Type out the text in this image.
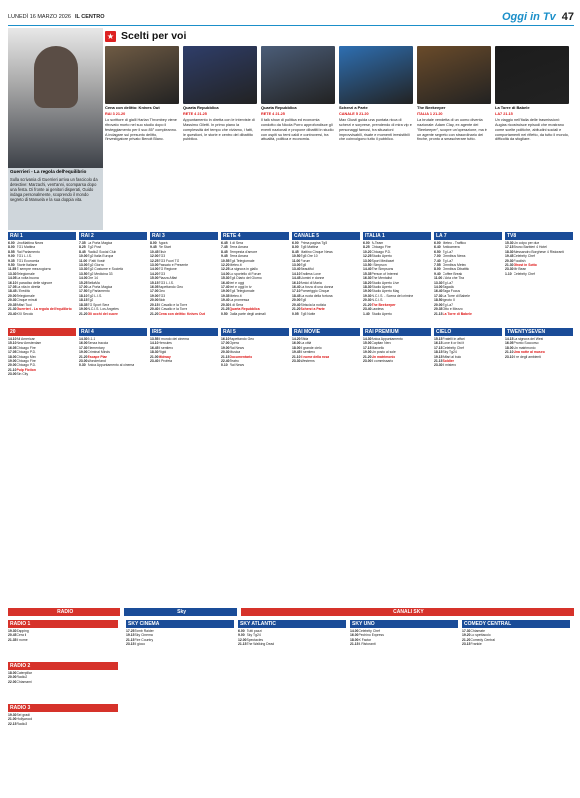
LUNEDÌ 16 MARZO 2026 IL CENTRO	Oggi in Tv 47
Guerrieri - La regola dell'equilibrio
Sulla scrivania di Guerrieri arriva un fascicolo da detective: Marzachi, vent'anni, scomparsa dopo una festa. Di fronte ai genitori disperati, Guido indaga personalmente, scoprendo il mondo segreto di Manuela e la sua doppia vita.
★ Scelti per voi
Cena con delitto: Knives Out
RAI 3 21.20
Lo scrittore di gialli Harlan Thrombey viene ritrovato morto nel suo studio dopo il festeggiamento per il suo 85° compleanno. A indagare sul presunto delitto, l'investigatore privato Benoit Blanc.
Quarta Repubblica
RETE 4 21.25
Appuntamento in diretta con le interviste di Massimo Giletti. In primo piano la complessità del tempo che viviamo, i fatti, le questioni, le storie e centro del dibattito pubblico.
Quarta Repubblica
RETE 4 21.25
Il talk show di politica ed economia condotto da Nicola Porro approfondisce gli eventi nazionali e propone dibattiti in studio con ospiti su temi caldi e controversi, tra attualità, politica e economia.
Scherzi a Parte
CANALE 5 21.20
Max Giusti guida una puntata ricca di scherzi e sorprese, prendendo di mira vip e personaggi famosi, tra situazioni improvvisabili, risate e momenti irresistibili che coinvolgono tutto il pubblico.
The Beekeeper
ITALIA 1 21.20
La brutale vendetta di un uomo diventa nazionale: Adam Clay, ex agente dei "Beekeeper", scopre un'operazione, ma è un agente segreto con straordinario dei finche, pronto a smascherare tutto.
La Torre di Babele
LA7 21.15
Un viaggio nell'Italia delle trasmissioni: Augias ricostruisce episodi che mostrano come scelte politiche, abitudini sociali e comportamenti nei rifletto, da tutto il mondo, difficoltà da sfogliare.
RAI 1
6.00 UnoMattina News
8.00 TG1 Mattina
8.55 Rai Parlamento
9.00 TG1 L.I.S.
9.35 TG1 Economia
9.50 Storie Italiane
11.55 È sempre mezzogiorno
13.30 Telegiornale
14.05 La volta buona
16.10 Il paradiso delle signore
17.05 La vita in diretta
18.45 L'Eredità
20.00 Telegiornale
20.30 Cinque minuti
20.35 Affari Tuoi
21.30 Guerrieri - La regola dell'equilibrio
23.40 XXI Secolo
RAI 2
7.35 La Porta Magica
8.25 Tg2 Post
8.45 Radio2 Social Club
10.00 Tg2 Italia Europa
11.00 I Fatti Vostri
13.00 Tg2 Giorno
13.30 Tg2 Costume e Società
13.50 Tg2 Medicina 33
14.00 Ore 14
15.25 BellaMa'
17.00 La Porta Magica
17.50 Tg Parlamento
18.10 Tg2 L.I.S.
18.15 Tg2
18.35 TG Sport Sera
19.00 N.C.I.S. Los Angeles
21.20 Gli occhi del cuore
RAI 3
8.00 Agorà
9.45 Re Start
10.45 Elisir
12.00 TG3
12.25 TG3 Fuori TG
13.00 Passato e Presente
14.00 TG Regione
14.20 TG3
15.00 Piazza Affari
15.15 TG3 L.I.S.
16.05 Aspettando Geo
17.00 Geo
19.00 TG3
20.00 Blob
20.15 Il Cavallo e la Torre
20.40 Il Cavallo e la Torre
21.20 Cena con delitto: Knives Out
RETE 4
6.45 4 di Sera
7.45 Terra Amara
8.45 Tempesta d'amore
9.45 Terra Amara
10.55 Tg4 Telegiornale
12.20 Meteo.it
12.25 La signora in giallo
14.00 Lo sportello di Forum
15.30 Tg4 Diario del Giorno
16.40 Ieri e oggi
17.40 Ieri e oggi in tv
19.00 Tg4 Telegiornale
19.35 Meteo.it
19.40 La promessa
20.30 4 di Sera
21.25 Quarta Repubblica
0.50 Dalla parte degli animali
CANALE 5
6.00 Prima pagina Tg5
8.00 Tg5 Mattina
8.45 Mattino Cinque News
10.50 Tg5 Ore 10
11.00 Forum
13.00 Tg5
13.40 Beautiful
14.10 Endless Love
14.45 Uomini e donne
16.10 Amici di Maria
16.40 La forza di una donna
17.10 Pomeriggio Cinque
18.45 La ruota della fortuna
20.00 Tg5
20.40 Striscia la notizia
21.20 Scherzi a Parte
0.05 Tg5 Notte
ITALIA 1
6.00 A-Team
8.25 Chicago Fire
10.20 Chicago P.D.
12.25 Studio Aperto
13.00 Sport Mediaset
13.50 I Simpson
14.40 The Simpsons
15.35 Person of Interest
16.30 The Mentalist
18.20 Studio Aperto Live
18.30 Studio Aperto
19.00 Studio Aperto Mag
19.30 N.C.I.S. - Scena del crimine
20.30 N.C.I.S.
21.20 The Beekeeper
23.40 Lawless
1.40 Studio Aperto
LA 7
6.00 Meteo - Traffico
6.40 Anticamera
6.50 Tg La7
7.00 Omnibus News
7.40 Tg La7
7.55 Omnibus Meteo
8.00 Omnibus Dibattito
9.40 Coffee Break
11.00 L'Aria che Tira
13.30 Tg La7
14.00 Tagadà
16.40 Taga Focus
17.30 La Torre di Babele
18.50 Ignoto X
20.00 Tg La7
20.35 Otto e Mezzo
21.15 La Torre di Babele
TV8
15.30 Un colpo per due
17.15 Bruno Barbieri 4 Hotel
18.30 Alessandro Borghese 4 Ristoranti
19.45 Celebrity Chef
20.30 Foodish
21.30 Ghost in Sotto
23.30 Mr Bean
1.10 Celebrity Chef
20
14.10 All American
15.10 New Amsterdam
16.05 Chicago Fire
17.05 Chicago P.D.
18.00 Chicago Med
19.00 Chicago Fire
20.00 Chicago P.D.
21.10 Pulp Fiction
23.00 Sin City
RAI 4
14.30 9-1-1
16.00 Senza traccia
17.30 Elementary
19.00 Criminal Minds
21.20 Escape Plan
23.00 Wonderland
0.30 Anica Appuntamento al cinema
IRIS
13.55 Il mondo dei cinema
14.10 Hercules
16.45 Il sentiero
18.30 Rigid
21.00 Midway
23.40 Il Profeta
RAI 5
16.10 Aspettando Geo
17.00 Opera
19.00 Rai News
20.30 Musica
21.15 Documentario
22.40 Teatro
0.10 Rai News
RAI MOVIE
14.20 Sfida
16.00 La città
18.00 Il grande cielo
19.45 Il sentiero
21.10 Il nome della rosa
23.30 Westerns
RAI PREMIUM
14.30 Anica Appuntamento
15.00 Capitan Nero
17.15 Marcello
19.00 Un posto al sole
21.20 Un matrimonio
23.00 Il commissario
CIELO
15.15 Fratelli in affari
16.15 Love it or list it
17.15 Celebrity Chef
18.15 Sky Tg24
19.15 Affari al buio
21.15 Soldier
23.30 Il mistero
TWENTYSEVEN
14.15 La signora del West
16.05 Pronto Soccorso
18.00 Un matrimonio
21.10 Una notte al museo
23.10 Il re degli ambienti
RADIO	Sky	CANALI SKY
RADIO 1
19.30 Zapping
20.45 Cera il
21.35 Il nome
RADIO 2
18.00 Caterpillar
20.00 Radio2
22.00 Chiamami
RADIO 3
19.30 Sei gradi
21.00 Hollywood
22.15 Radio3
SKY CINEMA
17.25 Tomb Raider
19.15 Sky Cinema
21.15 Fire Country
23.15 Il gioco
SKY ATLANTIC
6.00 Tutti pazzi
9.00 Sky Tg24
12.00 Spectacles
21.15 The Walking Dead
SKY UNO
14.00 Celebrity Chef
16.00 Pechino Express
18.00 X Factor
21.15 4 Ristoranti
COMEDY CENTRAL
17.30 Chiamate
19.20 Lo spettacolo
21.20 Comedy Central
23.15 Frankie
